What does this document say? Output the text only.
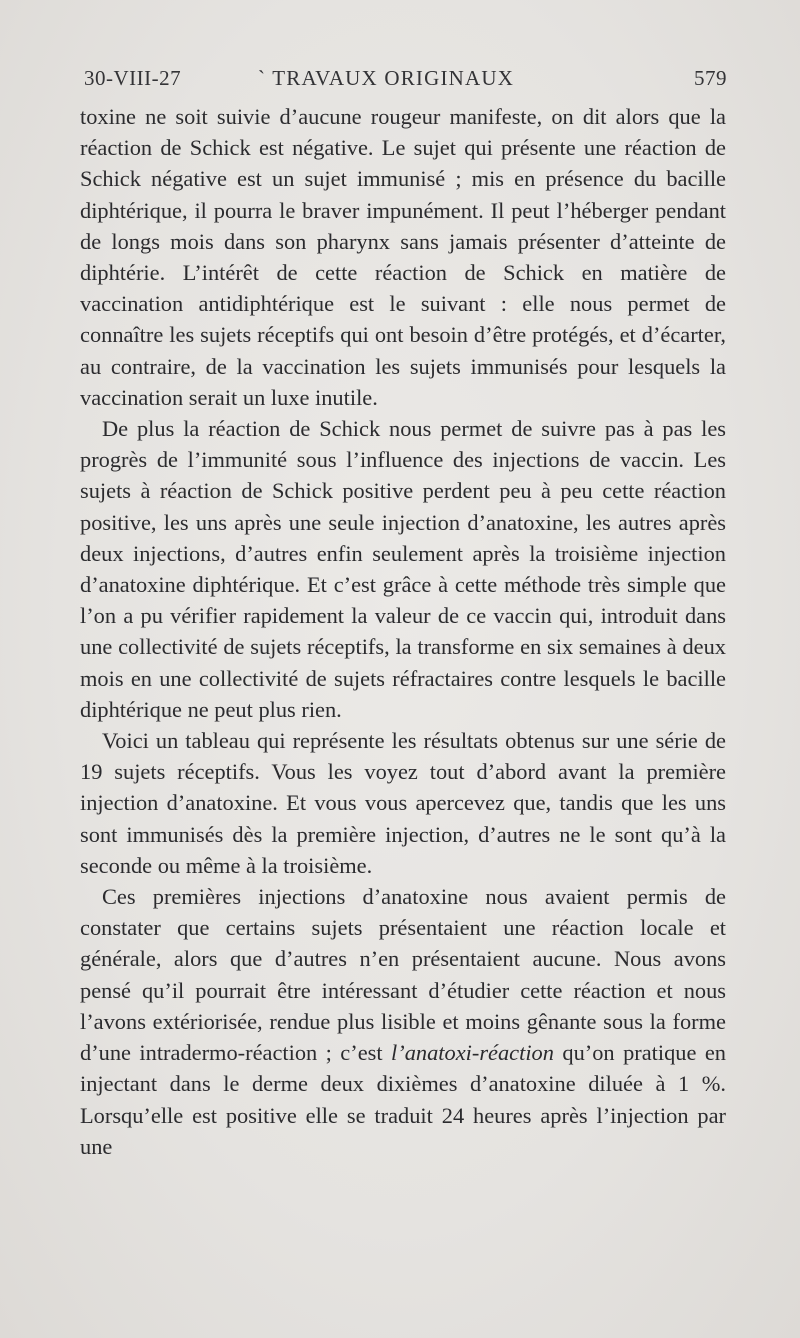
30-VIII-27	` TRAVAUX ORIGINAUX	579

toxine ne soit suivie d’aucune rougeur manifeste, on dit alors que la réaction de Schick est négative. Le sujet qui présente une réaction de Schick négative est un sujet immunisé ; mis en présence du bacille diphtérique, il pourra le braver impunément. Il peut l’héberger pendant de longs mois dans son pharynx sans jamais présenter d’atteinte de diphtérie. L’intérêt de cette réaction de Schick en matière de vaccination antidiphtérique est le suivant : elle nous permet de connaître les sujets réceptifs qui ont besoin d’être protégés, et d’écarter, au contraire, de la vaccination les sujets immunisés pour lesquels la vaccination serait un luxe inutile.

De plus la réaction de Schick nous permet de suivre pas à pas les progrès de l’immunité sous l’influence des injections de vaccin. Les sujets à réaction de Schick positive perdent peu à peu cette réaction positive, les uns après une seule injection d’anatoxine, les autres après deux injections, d’autres enfin seulement après la troisième injection d’anatoxine diphtérique. Et c’est grâce à cette méthode très simple que l’on a pu vérifier rapidement la valeur de ce vaccin qui, introduit dans une collectivité de sujets réceptifs, la transforme en six semaines à deux mois en une collectivité de sujets réfractaires contre lesquels le bacille diphtérique ne peut plus rien.

Voici un tableau qui représente les résultats obtenus sur une série de 19 sujets réceptifs. Vous les voyez tout d’abord avant la première injection d’anatoxine. Et vous vous apercevez que, tandis que les uns sont immunisés dès la première injection, d’autres ne le sont qu’à la seconde ou même à la troisième.

Ces premières injections d’anatoxine nous avaient permis de constater que certains sujets présentaient une réaction locale et générale, alors que d’autres n’en présentaient aucune. Nous avons pensé qu’il pourrait être intéressant d’étudier cette réaction et nous l’avons extériorisée, rendue plus lisible et moins gênante sous la forme d’une intradermo-réaction ; c’est l’anatoxi-réaction qu’on pratique en injectant dans le derme deux dixièmes d’anatoxine diluée à 1 %. Lorsqu’elle est positive elle se traduit 24 heures après l’injection par une
